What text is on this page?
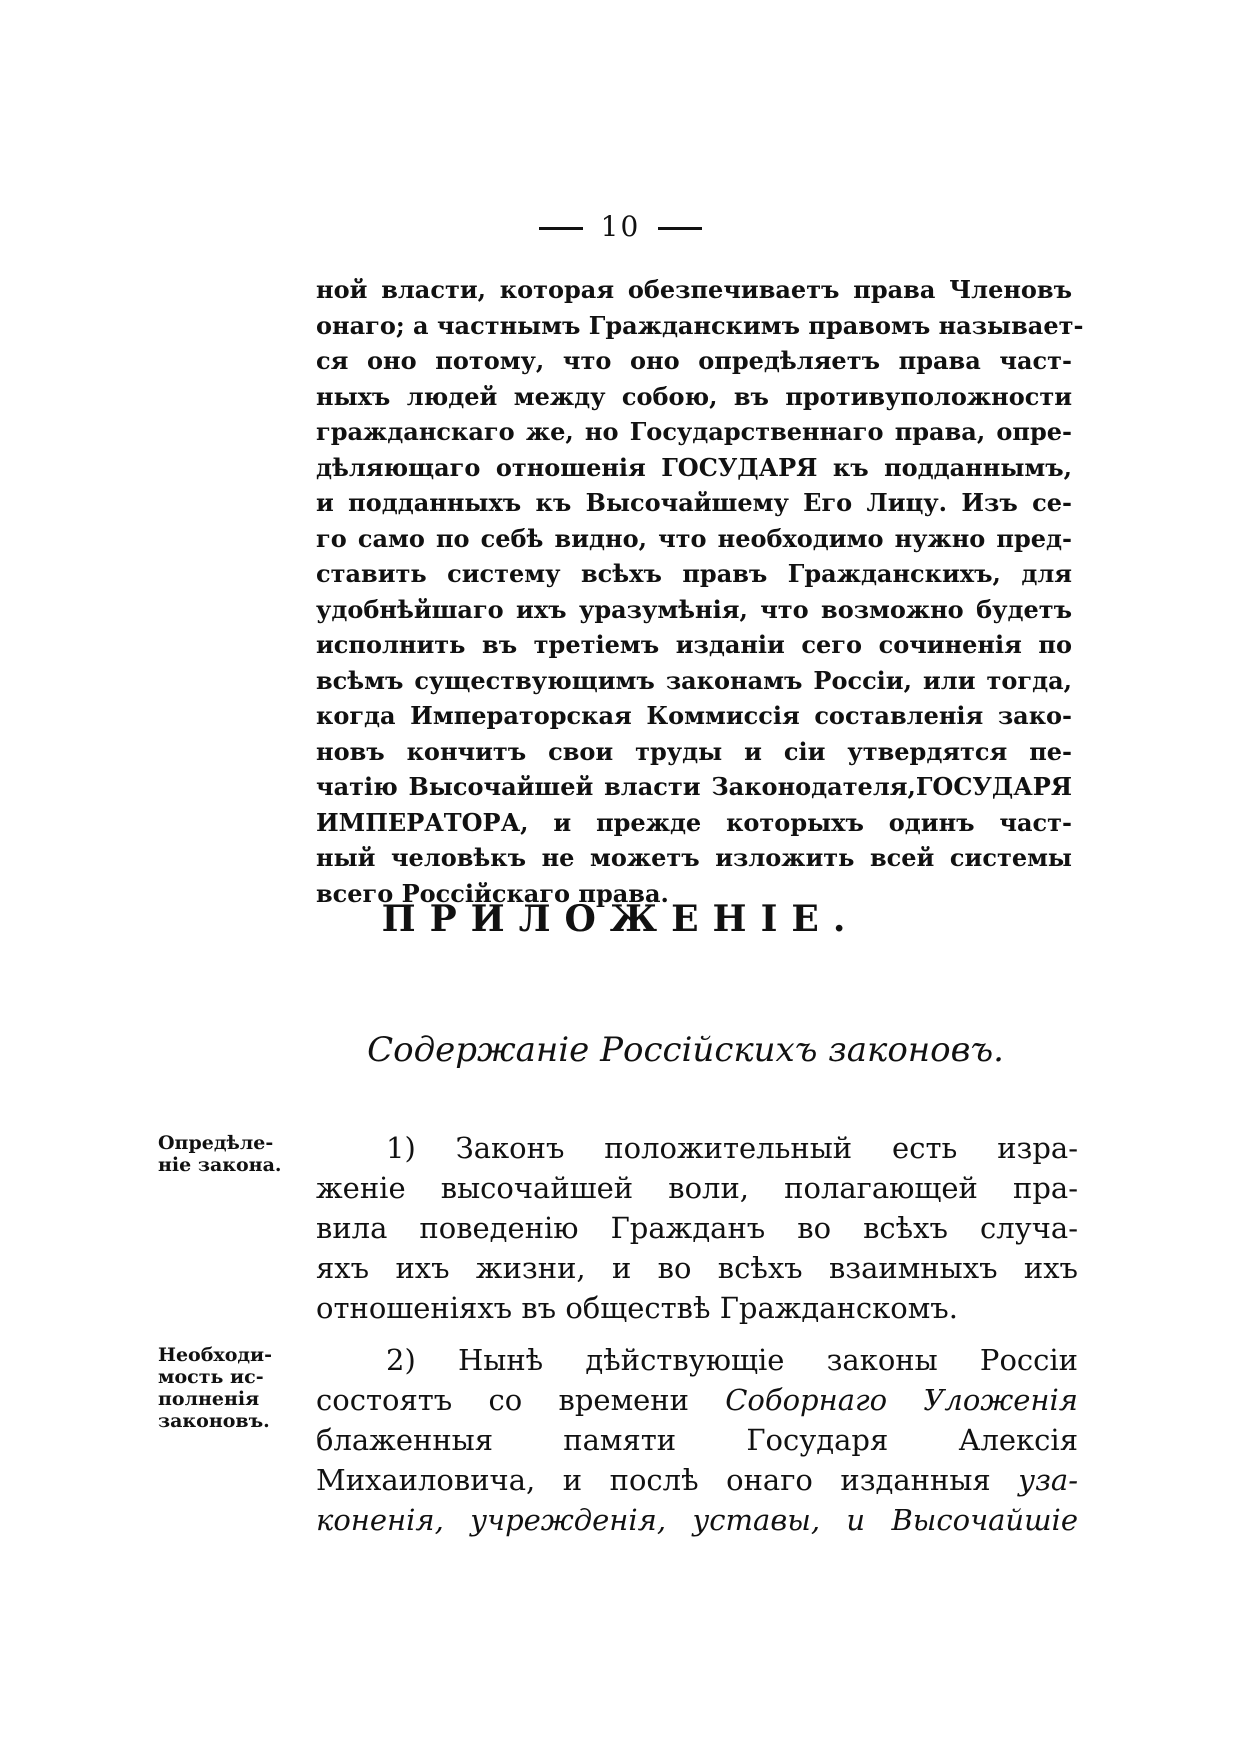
10
ной власти, которая обезпечиваетъ права Членовъ
онаго; а частнымъ Гражданскимъ правомъ называет-
ся оно потому, что оно опредѣляетъ права част-
ныхъ людей между собою, въ противуположности
гражданскаго же, но Государственнаго права, опре-
дѣляющаго отношенія ГОСУДАРЯ къ подданнымъ,
и подданныхъ къ Высочайшему Его Лицу. Изъ се-
го само по себѣ видно, что необходимо нужно пред-
ставить систему всѣхъ правъ Гражданскихъ, для
удобнѣйшаго ихъ уразумѣнія, что возможно будетъ
исполнить въ третіемъ изданіи сего сочиненія по
всѣмъ существующимъ законамъ Россіи, или тогда,
когда Императорская Коммиссія составленія зако-
новъ кончитъ свои труды и сіи утвердятся пе-
чатію Высочайшей власти Законодателя,ГОСУДАРЯ
ИМПЕРАТОРА, и прежде которыхъ одинъ част-
ный человѣкъ не можетъ изложить всей системы
всего Россійскаго права.
ПРИЛОЖЕНІЕ.
Содержаніе Россійскихъ законовъ.
Опредѣле-
ніе закона.	1) Законъ положительный есть изра-
женіе высочайшей воли, полагающей пра-
вила поведенію Гражданъ во всѣхъ случа-
яхъ ихъ жизни, и во всѣхъ взаимныхъ ихъ
отношеніяхъ въ обществѣ Гражданскомъ.
Необходи-
мость ис-
полненія
законовъ.
2) Нынѣ дѣйствующіе законы Россіи
состоятъ со времени Соборнаго Уложенія
блаженныя памяти Государя Алексія
Михаиловича, и послѣ онаго изданныя уза-
коненія, учрежденія, уставы, и Высочайшіе
